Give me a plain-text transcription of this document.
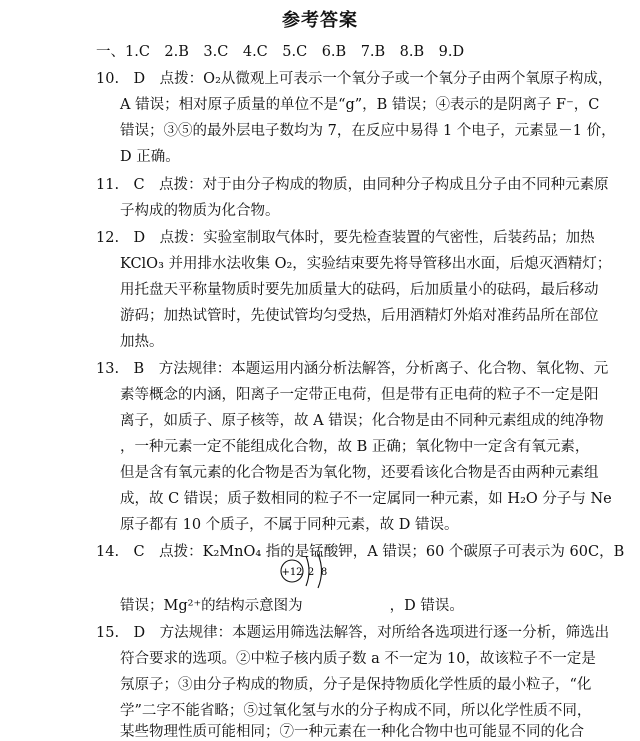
参考答案
一、1.C　2.B　3.C　4.C　5.C　6.B　7.B　8.B　9.D
10.　D　点拨：O₂从微观上可表示一个氧分子或一个氧分子由两个氧原子构成，
A 错误；相对原子质量的单位不是“g”，B 错误；④表示的是阴离子 F⁻，C
错误；③⑤的最外层电子数均为 7，在反应中易得 1 个电子，元素显－1 价，
D 正确。
11.　C　点拨：对于由分子构成的物质，由同种分子构成且分子由不同种元素原
子构成的物质为化合物。
12.　D　点拨：实验室制取气体时，要先检查装置的气密性，后装药品；加热
KClO₃ 并用排水法收集 O₂，实验结束要先将导管移出水面，后熄灭酒精灯；
用托盘天平称量物质时要先加质量大的砝码，后加质量小的砝码，最后移动
游码；加热试管时，先使试管均匀受热，后用酒精灯外焰对准药品所在部位
加热。
13.　B　方法规律：本题运用内涵分析法解答，分析离子、化合物、氧化物、元
素等概念的内涵，阳离子一定带正电荷，但是带有正电荷的粒子不一定是阳
离子，如质子、原子核等，故 A 错误；化合物是由不同种元素组成的纯净物
，一种元素一定不能组成化合物，故 B 正确；氧化物中一定含有氧元素，
但是含有氧元素的化合物是否为氧化物，还要看该化合物是否由两种元素组
成，故 C 错误；质子数相同的粒子不一定属同一种元素，如 H₂O 分子与 Ne
原子都有 10 个质子，不属于同种元素，故 D 错误。
14.　C　点拨：K₂MnO₄ 指的是锰酸钾，A 错误；60 个碳原子可表示为 60C，B
+12 2 8
错误；Mg²⁺的结构示意图为　　　　　　，D 错误。
15.　D　方法规律：本题运用筛选法解答，对所给各选项进行逐一分析，筛选出
符合要求的选项。②中粒子核内质子数 a 不一定为 10，故该粒子不一定是
氖原子；③由分子构成的物质，分子是保持物质化学性质的最小粒子，“化
学”二字不能省略；⑤过氧化氢与水的分子构成不同，所以化学性质不同，
某些物理性质可能相同；⑦一种元素在一种化合物中也可能显不同的化合
